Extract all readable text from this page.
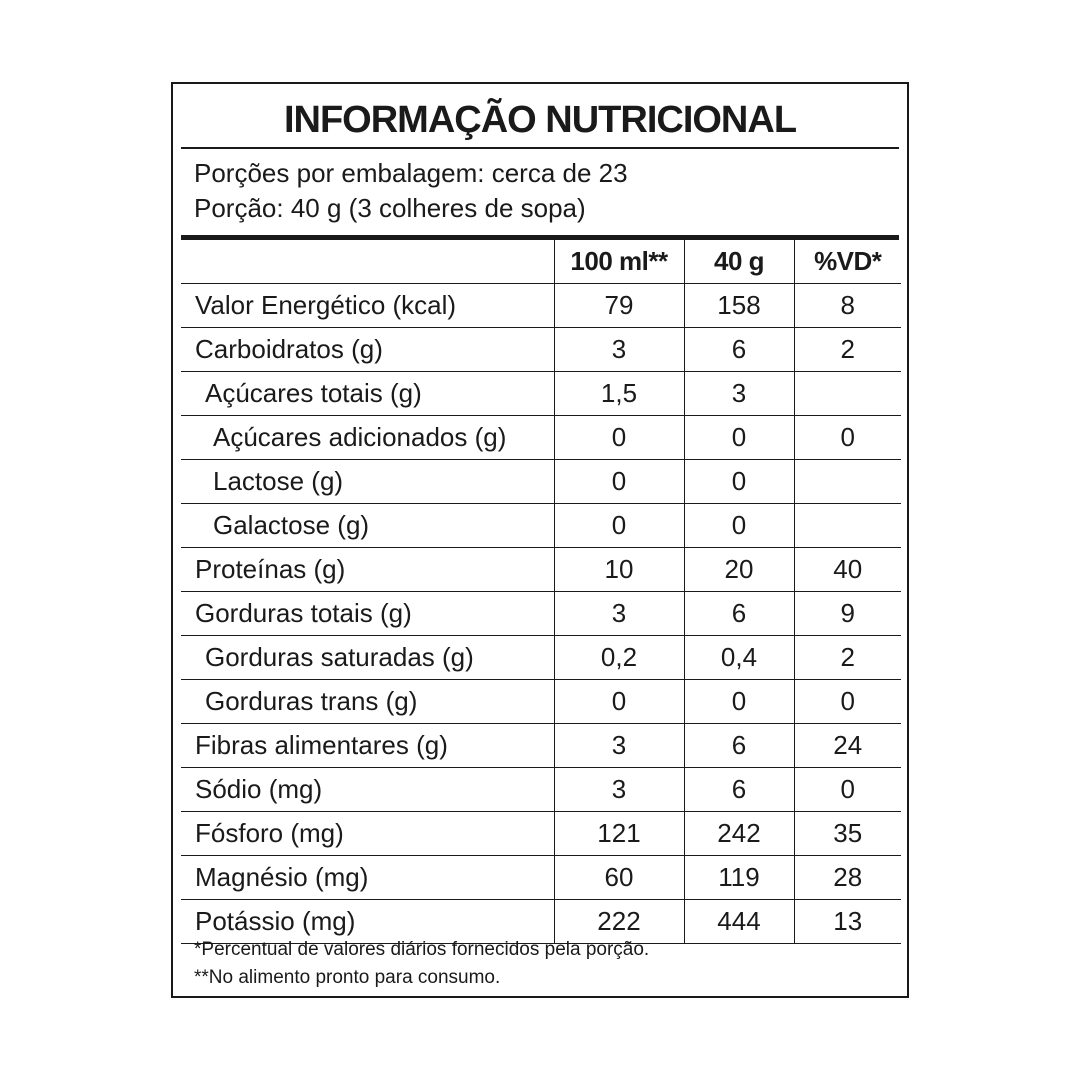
INFORMAÇÃO NUTRICIONAL
Porções por embalagem: cerca de 23
Porção: 40 g (3 colheres de sopa)
	100 ml**	40 g	%VD*
Valor Energético (kcal)	79	158	8
Carboidratos (g)	3	6	2
Açúcares totais (g)	1,5	3	
Açúcares adicionados (g)	0	0	0
Lactose (g)	0	0	
Galactose (g)	0	0	
Proteínas (g)	10	20	40
Gorduras totais (g)	3	6	9
Gorduras saturadas (g)	0,2	0,4	2
Gorduras trans (g)	0	0	0
Fibras alimentares (g)	3	6	24
Sódio (mg)	3	6	0
Fósforo (mg)	121	242	35
Magnésio (mg)	60	119	28
Potássio (mg)	222	444	13
*Percentual de valores diários fornecidos pela porção.
**No alimento pronto para consumo.
